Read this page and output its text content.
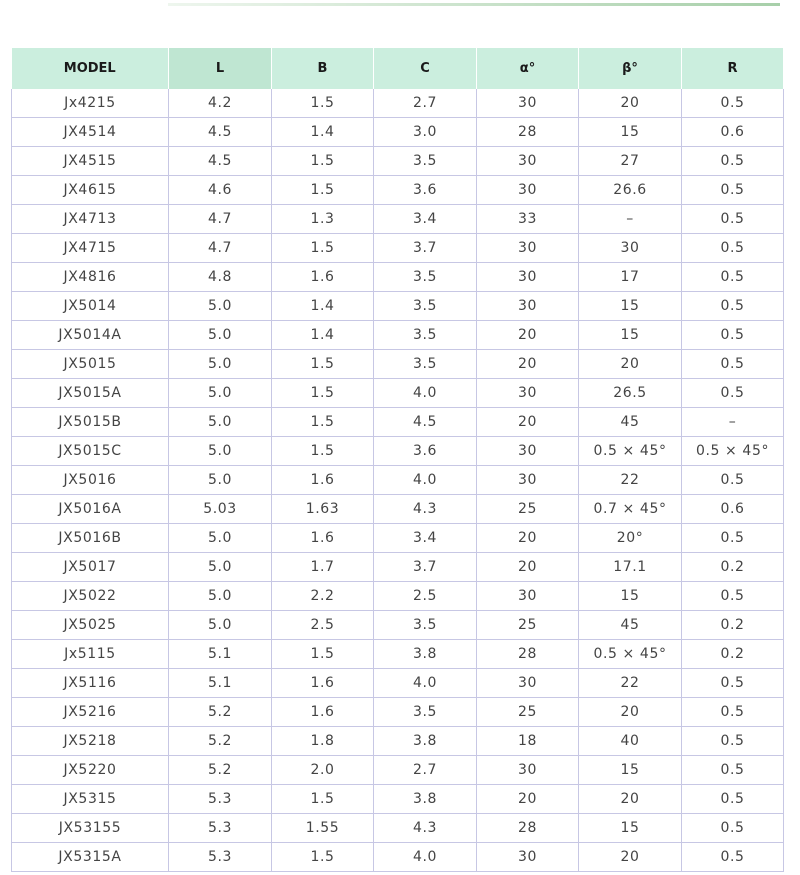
MODEL	L	B	C	α°	β°	R
Jx4215	4.2	1.5	2.7	30	20	0.5
JX4514	4.5	1.4	3.0	28	15	0.6
JX4515	4.5	1.5	3.5	30	27	0.5
JX4615	4.6	1.5	3.6	30	26.6	0.5
JX4713	4.7	1.3	3.4	33	–	0.5
JX4715	4.7	1.5	3.7	30	30	0.5
JX4816	4.8	1.6	3.5	30	17	0.5
JX5014	5.0	1.4	3.5	30	15	0.5
JX5014A	5.0	1.4	3.5	20	15	0.5
JX5015	5.0	1.5	3.5	20	20	0.5
JX5015A	5.0	1.5	4.0	30	26.5	0.5
JX5015B	5.0	1.5	4.5	20	45	–
JX5015C	5.0	1.5	3.6	30	0.5 × 45°	0.5 × 45°
JX5016	5.0	1.6	4.0	30	22	0.5
JX5016A	5.03	1.63	4.3	25	0.7 × 45°	0.6
JX5016B	5.0	1.6	3.4	20	20°	0.5
JX5017	5.0	1.7	3.7	20	17.1	0.2
JX5022	5.0	2.2	2.5	30	15	0.5
JX5025	5.0	2.5	3.5	25	45	0.2
Jx5115	5.1	1.5	3.8	28	0.5 × 45°	0.2
JX5116	5.1	1.6	4.0	30	22	0.5
JX5216	5.2	1.6	3.5	25	20	0.5
JX5218	5.2	1.8	3.8	18	40	0.5
JX5220	5.2	2.0	2.7	30	15	0.5
JX5315	5.3	1.5	3.8	20	20	0.5
JX53155	5.3	1.55	4.3	28	15	0.5
JX5315A	5.3	1.5	4.0	30	20	0.5
